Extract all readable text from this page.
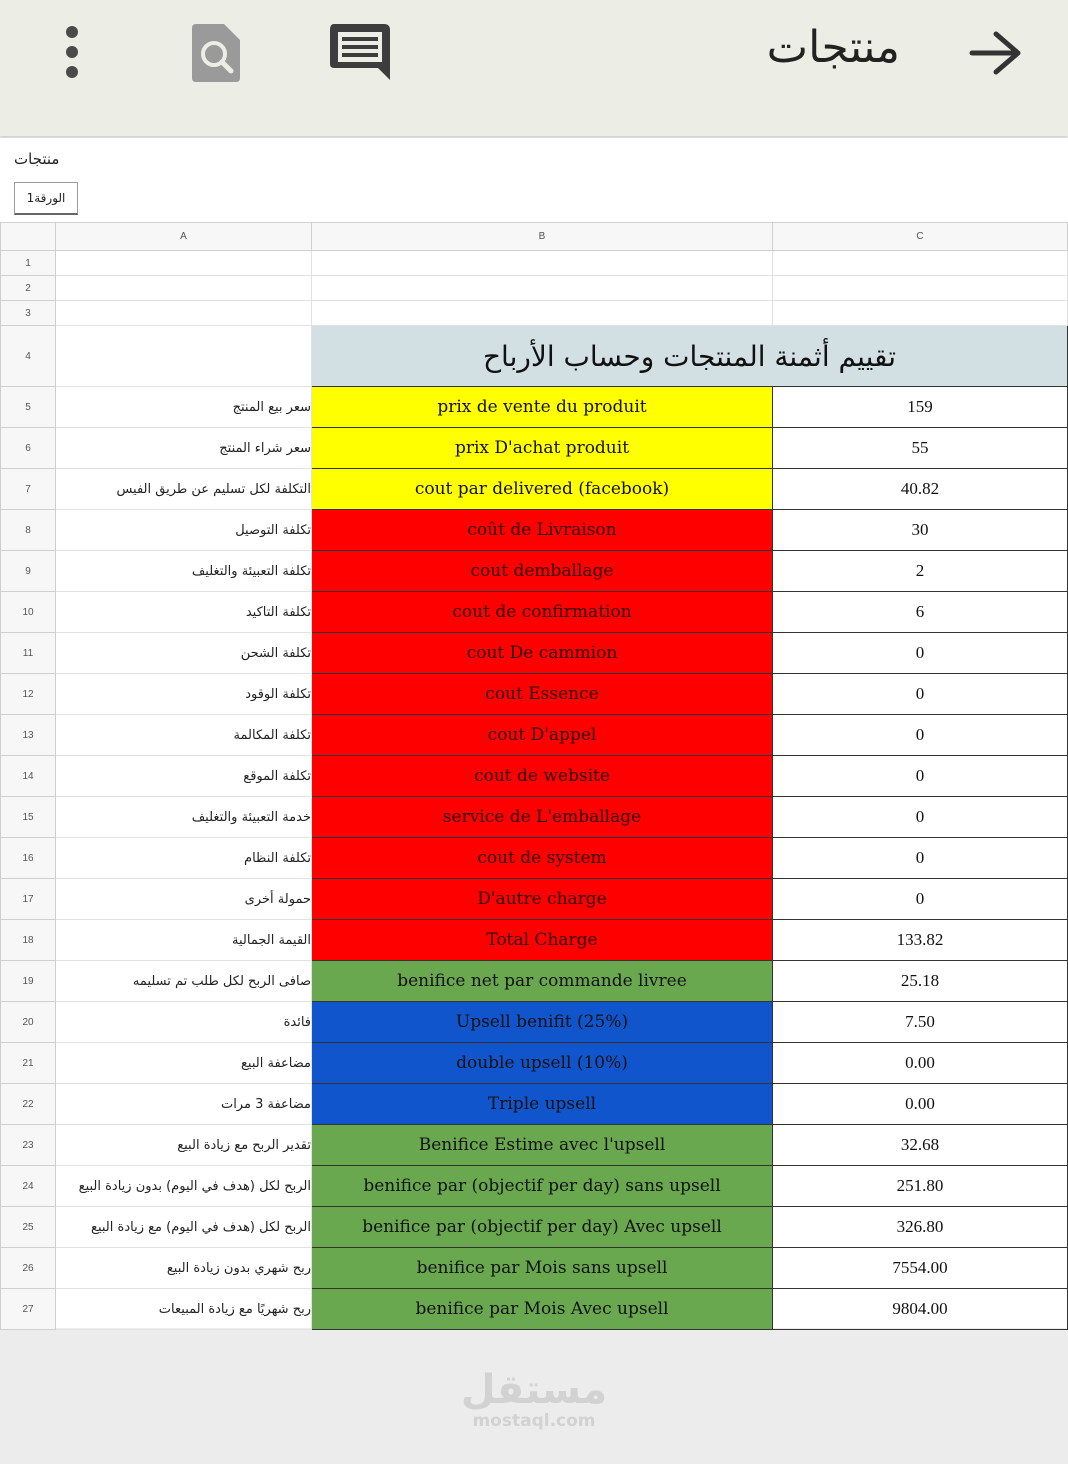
منتجات
منتجات
الورقة1
	A	B	C
1			
2			
3			
4		تقييم أثمنة المنتجات وحساب الأرباح	
5	سعر بيع المنتج	prix de vente du produit	159
6	سعر شراء المنتج	prix D'achat produit	55
7	التكلفة لكل تسليم عن طريق الفيس	cout par delivered (facebook)	40.82
8	تكلفة التوصيل	coût de Livraison	30
9	تكلفة التعبيئة والتغليف	cout demballage	2
10	تكلفة التاكيد	cout de confirmation	6
11	تكلفة الشحن	cout De cammion	0
12	تكلفة الوقود	cout Essence	0
13	تكلفة المكالمة	cout D'appel	0
14	تكلفة الموقع	cout de website	0
15	خدمة التعبيئة والتغليف	service de L'emballage	0
16	تكلفة النظام	cout de system	0
17	حمولة أخرى	D'autre charge	0
18	القيمة الجمالية	Total Charge	133.82
19	صافى الربح لكل طلب تم تسليمه	benifice net par commande livree	25.18
20	فائدة	Upsell benifit (25%)	7.50
21	مضاعفة البيع	double upsell (10%)	0.00
22	مضاعفة 3 مرات	Triple upsell	0.00
23	تقدير الربح مع زيادة البيع	Benifice Estime avec l'upsell	32.68
24	الربح لكل (هدف في اليوم) بدون زيادة البيع	benifice par (objectif per day) sans upsell	251.80
25	الربح لكل (هدف في اليوم) مع زيادة البيع	benifice par (objectif per day) Avec upsell	326.80
26	ربح شهري بدون زيادة البيع	benifice par Mois sans upsell	7554.00
27	ربح شهريًا مع زيادة المبيعات	benifice par Mois Avec upsell	9804.00
مستقل
mostaql.com
